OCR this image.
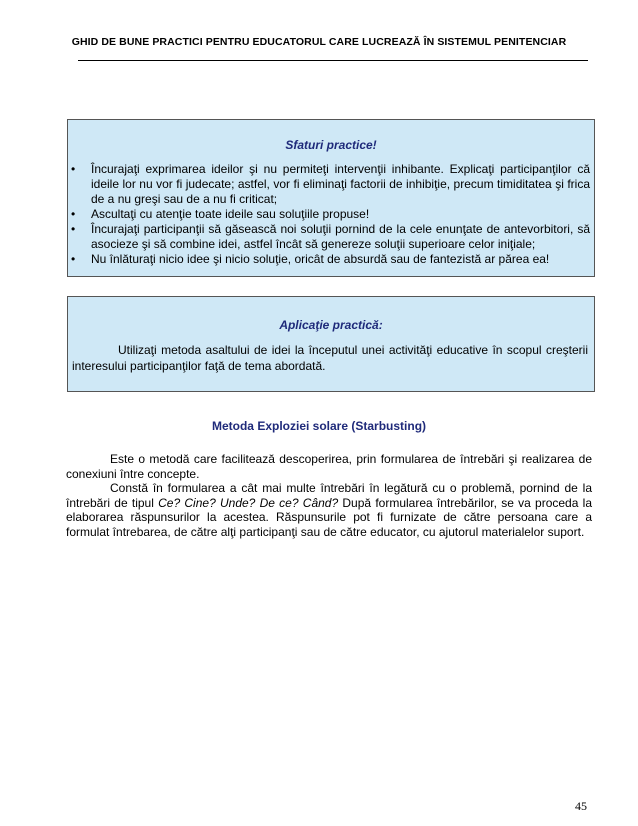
GHID DE BUNE PRACTICI PENTRU EDUCATORUL CARE LUCREAZĂ ÎN SISTEMUL PENITENCIAR
Sfaturi practice!
• Încurajaţi exprimarea ideilor şi nu permiteţi intervenţii inhibante. Explicaţi participanţilor că ideile lor nu vor fi judecate; astfel, vor fi eliminaţi factorii de inhibiţie, precum timiditatea şi frica de a nu greşi sau de a nu fi criticat;
• Ascultaţi cu atenţie toate ideile sau soluţiile propuse!
• Încurajaţi participanţii să găsească noi soluţii pornind de la cele enunţate de antevorbitori, să asocieze şi să combine idei, astfel încât să genereze soluţii superioare celor iniţiale;
• Nu înlăturaţi nicio idee şi nicio soluţie, oricât de absurdă sau de fantezistă ar părea ea!
Aplicaţie practică:

Utilizaţi metoda asaltului de idei la începutul unei activităţi educative în scopul creşterii interesului participanţilor faţă de tema abordată.

Metoda Exploziei solare (Starbusting)

Este o metodă care facilitează descoperirea, prin formularea de întrebări şi realizarea de conexiuni între concepte.

Constă în formularea a cât mai multe întrebări în legătură cu o problemă, pornind de la întrebări de tipul Ce? Cine? Unde? De ce? Când? După formularea întrebărilor, se va proceda la elaborarea răspunsurilor la acestea. Răspunsurile pot fi furnizate de către persoana care a formulat întrebarea, de către alţi participanţi sau de către educator, cu ajutorul materialelor suport.

45
